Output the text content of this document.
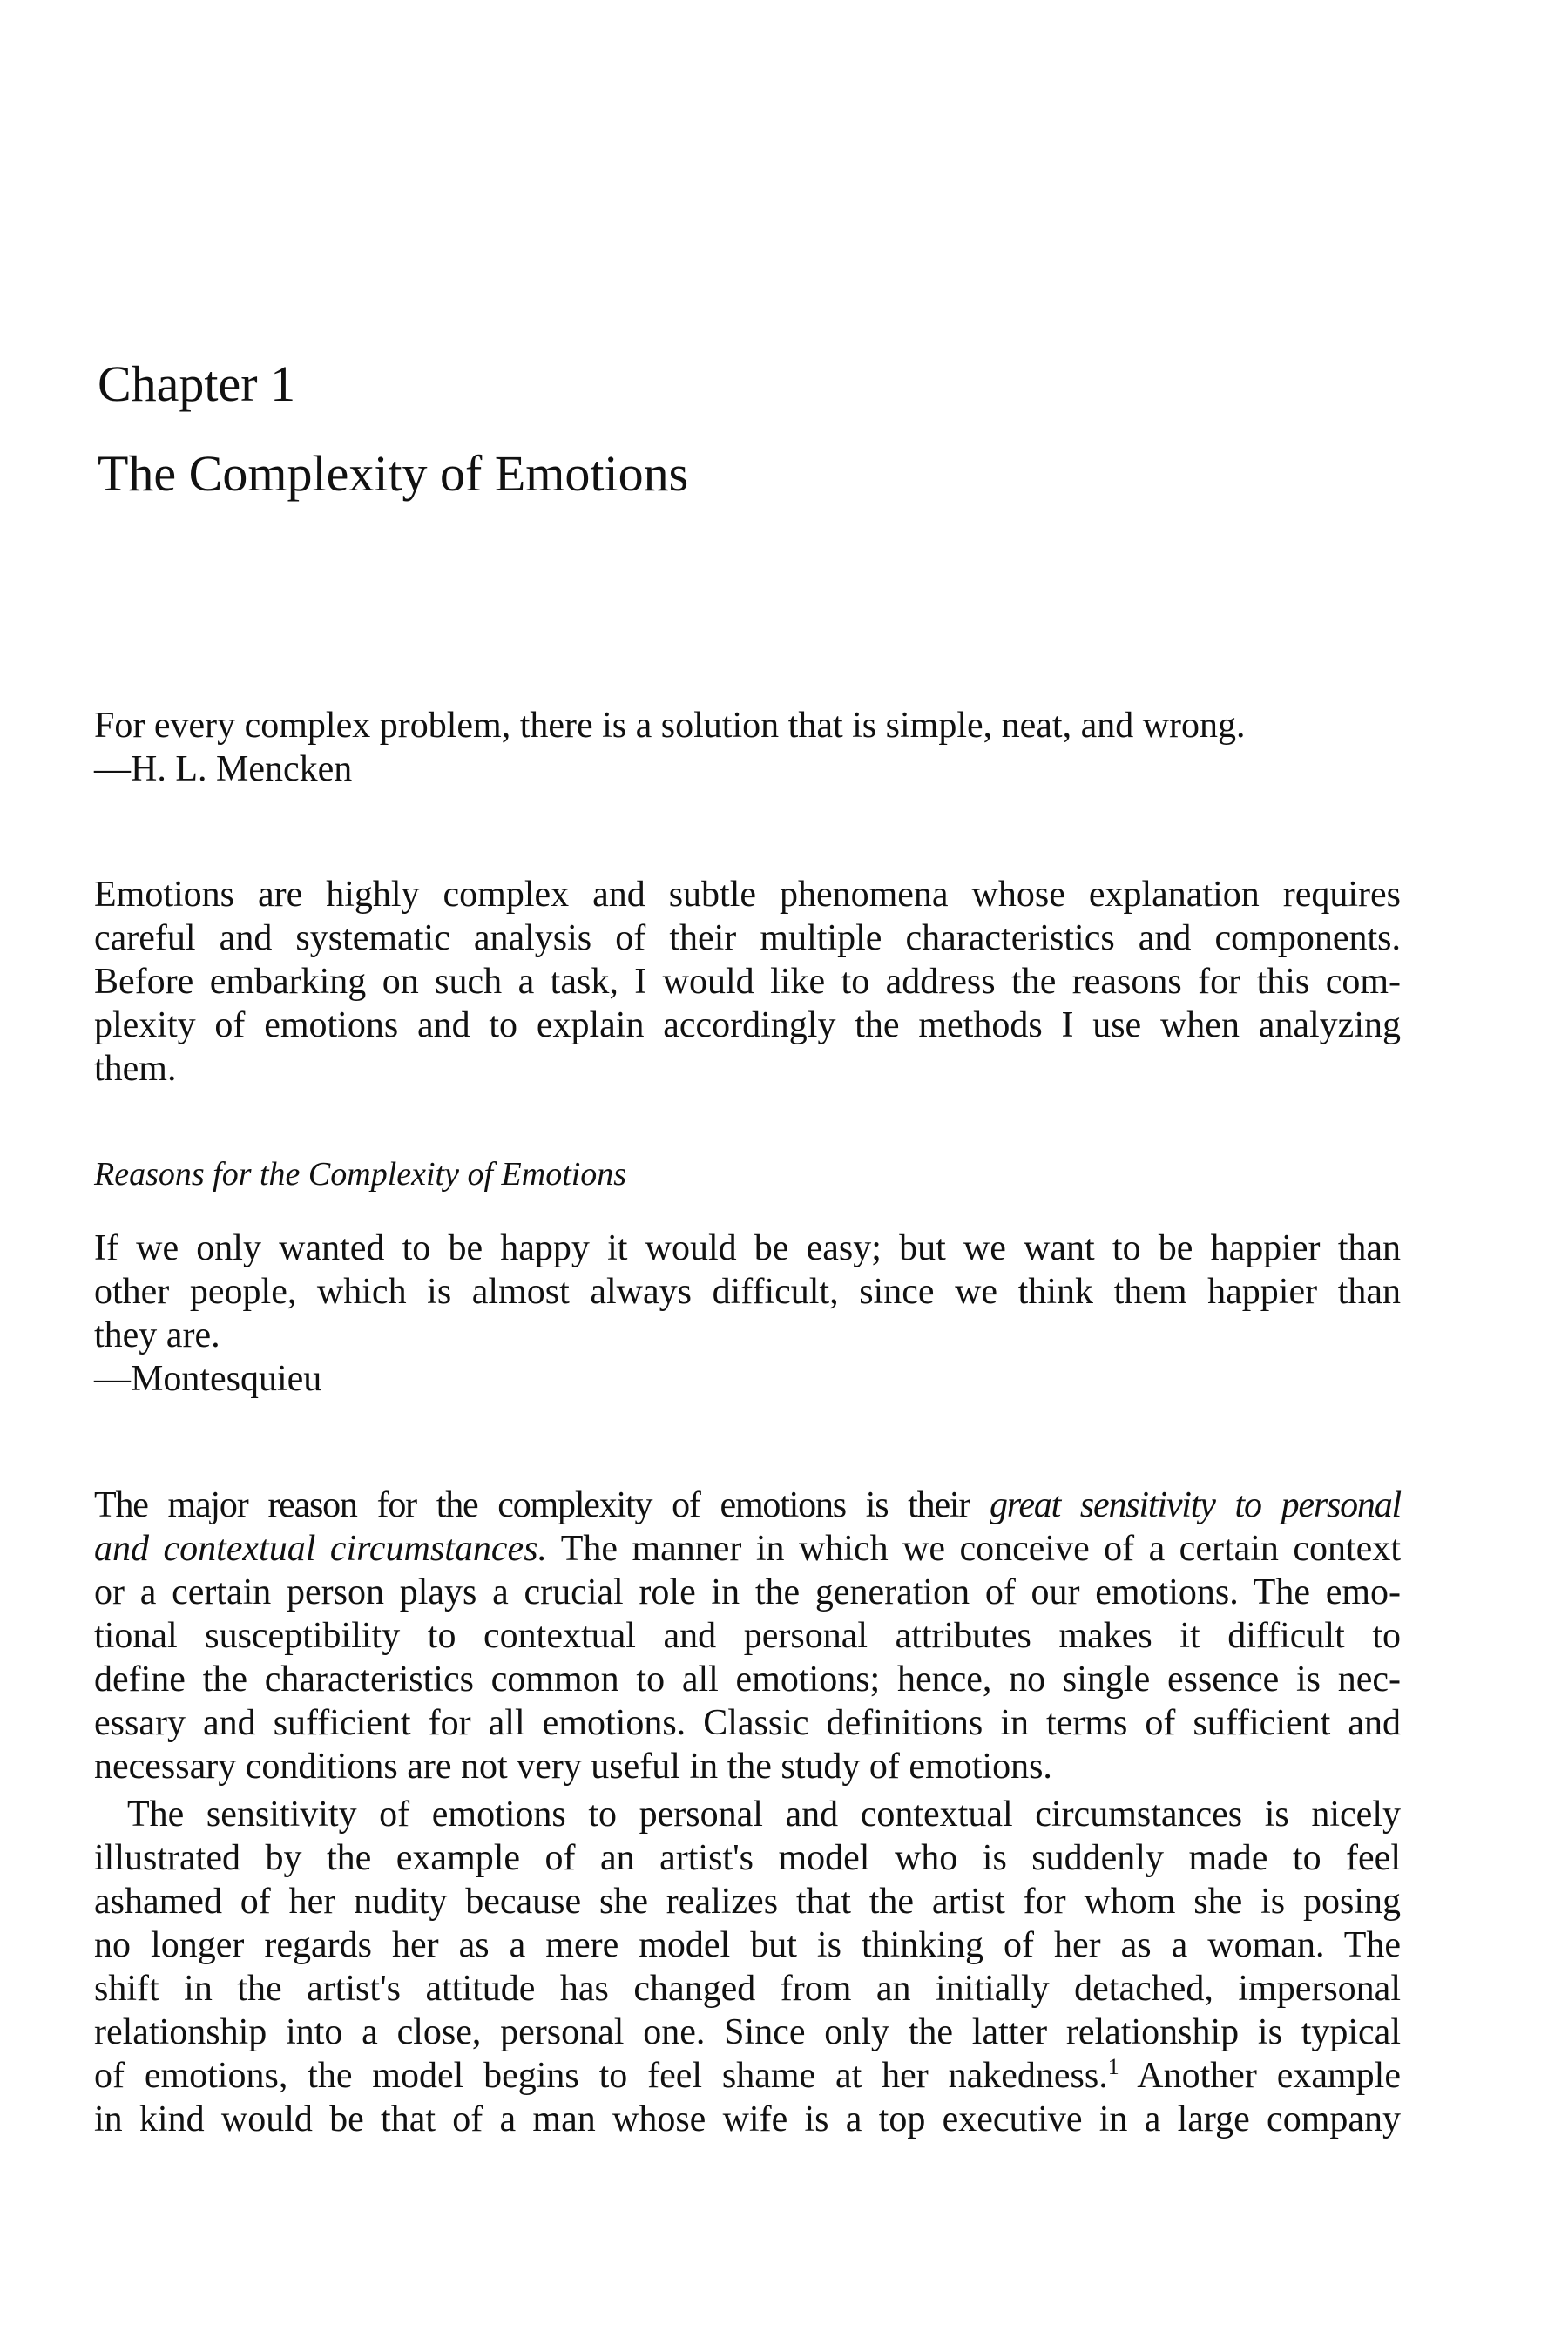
Chapter 1
The Complexity of Emotions
For every complex problem, there is a solution that is simple, neat, and wrong.
—H. L. Mencken
Emotions are highly complex and subtle phenomena whose explanation requires
careful and systematic analysis of their multiple characteristics and components.
Before embarking on such a task, I would like to address the reasons for this com-
plexity of emotions and to explain accordingly the methods I use when analyzing
them.
Reasons for the Complexity of Emotions
If we only wanted to be happy it would be easy; but we want to be happier than
other people, which is almost always difficult, since we think them happier than
they are.
—Montesquieu
The major reason for the complexity of emotions is their great sensitivity to personal
and contextual circumstances. The manner in which we conceive of a certain context
or a certain person plays a crucial role in the generation of our emotions. The emo-
tional susceptibility to contextual and personal attributes makes it difficult to
define the characteristics common to all emotions; hence, no single essence is nec-
essary and sufficient for all emotions. Classic definitions in terms of sufficient and
necessary conditions are not very useful in the study of emotions.
The sensitivity of emotions to personal and contextual circumstances is nicely
illustrated by the example of an artist's model who is suddenly made to feel
ashamed of her nudity because she realizes that the artist for whom she is posing
no longer regards her as a mere model but is thinking of her as a woman. The
shift in the artist's attitude has changed from an initially detached, impersonal
relationship into a close, personal one. Since only the latter relationship is typical
of emotions, the model begins to feel shame at her nakedness.$^1$ Another example
in kind would be that of a man whose wife is a top executive in a large company
